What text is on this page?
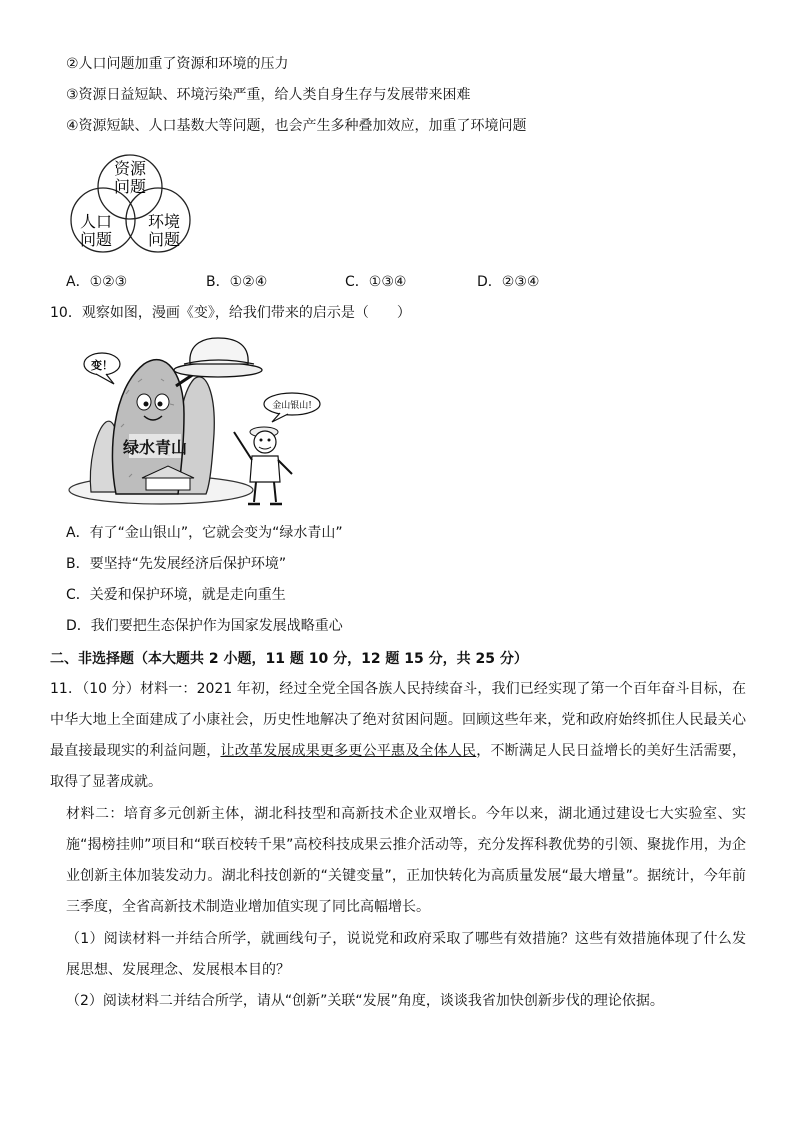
②人口问题加重了资源和环境的压力
③资源日益短缺、环境污染严重，给人类自身生存与发展带来困难
④资源短缺、人口基数大等问题，也会产生多种叠加效应，加重了环境问题
资源
问题
人口
问题
环境
问题
A．①②③	B．①②④	C．①③④	D．②③④
10．观察如图，漫画《变》，给我们带来的启示是（　　）
绿水青山
变！
金山银山!
A．有了“金山银山”，它就会变为“绿水青山”
B．要坚持“先发展经济后保护环境”
C．关爱和保护环境，就是走向重生
D．我们要把生态保护作为国家发展战略重心
二、非选择题（本大题共 2 小题，11 题 10 分，12 题 15 分，共 25 分）
11．（10 分）材料一：2021 年初，经过全党全国各族人民持续奋斗，我们已经实现了第一个百年奋斗目标，在中华大地上全面建成了小康社会，历史性地解决了绝对贫困问题。回顾这些年来，党和政府始终抓住人民最关心最直接最现实的利益问题，让改革发展成果更多更公平惠及全体人民，不断满足人民日益增长的美好生活需要，取得了显著成就。
材料二：培育多元创新主体，湖北科技型和高新技术企业双增长。今年以来，湖北通过建设七大实验室、实施“揭榜挂帅”项目和“联百校转千果”高校科技成果云推介活动等，充分发挥科教优势的引领、聚拢作用，为企业创新主体加装发动力。湖北科技创新的“关键变量”，正加快转化为高质量发展“最大增量”。据统计，今年前三季度，全省高新技术制造业增加值实现了同比高幅增长。
（1）阅读材料一并结合所学，就画线句子，说说党和政府采取了哪些有效措施？这些有效措施体现了什么发展思想、发展理念、发展根本目的？
（2）阅读材料二并结合所学，请从“创新”关联“发展”角度，谈谈我省加快创新步伐的理论依据。
